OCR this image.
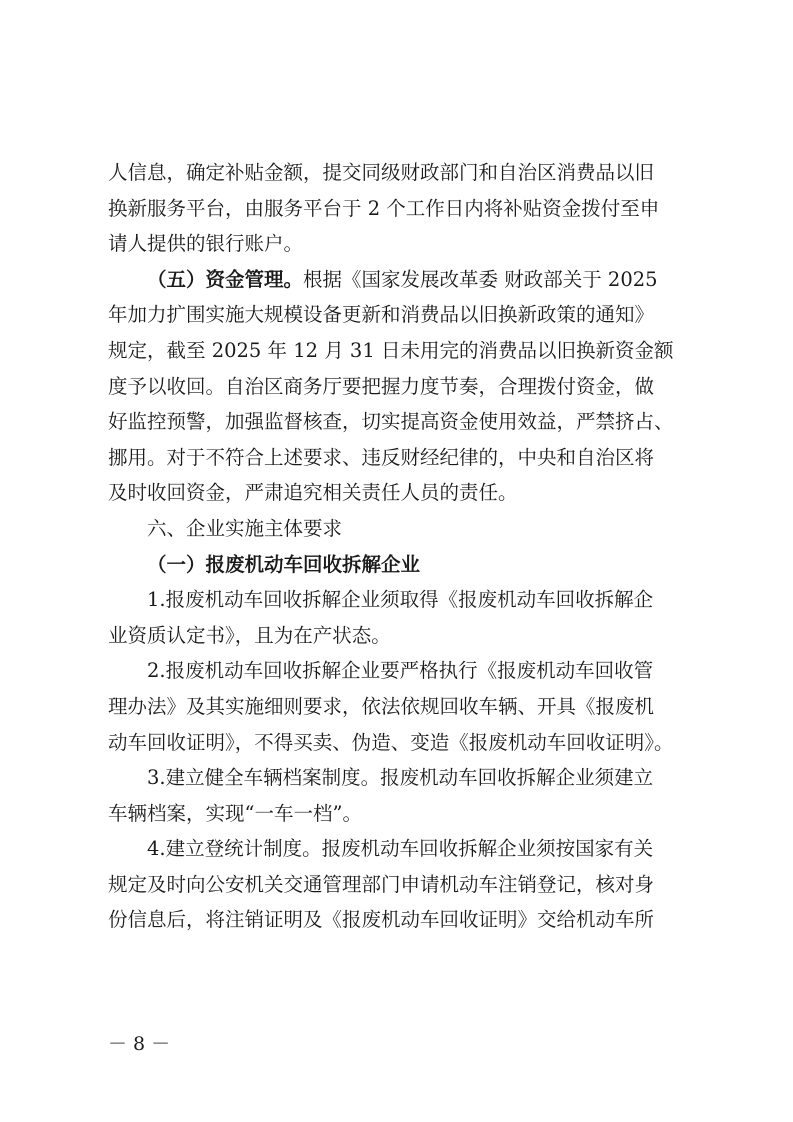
人信息，确定补贴金额，提交同级财政部门和自治区消费品以旧
换新服务平台，由服务平台于 2 个工作日内将补贴资金拨付至申
请人提供的银行账户。
（五）资金管理。根据《国家发展改革委 财政部关于 2025
年加力扩围实施大规模设备更新和消费品以旧换新政策的通知》
规定，截至 2025 年 12 月 31 日未用完的消费品以旧换新资金额
度予以收回。自治区商务厅要把握力度节奏，合理拨付资金，做
好监控预警，加强监督核查，切实提高资金使用效益，严禁挤占、
挪用。对于不符合上述要求、违反财经纪律的，中央和自治区将
及时收回资金，严肃追究相关责任人员的责任。
六、企业实施主体要求
（一）报废机动车回收拆解企业
1.报废机动车回收拆解企业须取得《报废机动车回收拆解企
业资质认定书》，且为在产状态。
2.报废机动车回收拆解企业要严格执行《报废机动车回收管
理办法》及其实施细则要求，依法依规回收车辆、开具《报废机
动车回收证明》，不得买卖、伪造、变造《报废机动车回收证明》。
3.建立健全车辆档案制度。报废机动车回收拆解企业须建立
车辆档案，实现“一车一档”。
4.建立登统计制度。报废机动车回收拆解企业须按国家有关
规定及时向公安机关交通管理部门申请机动车注销登记，核对身
份信息后，将注销证明及《报废机动车回收证明》交给机动车所
－ 8 －
